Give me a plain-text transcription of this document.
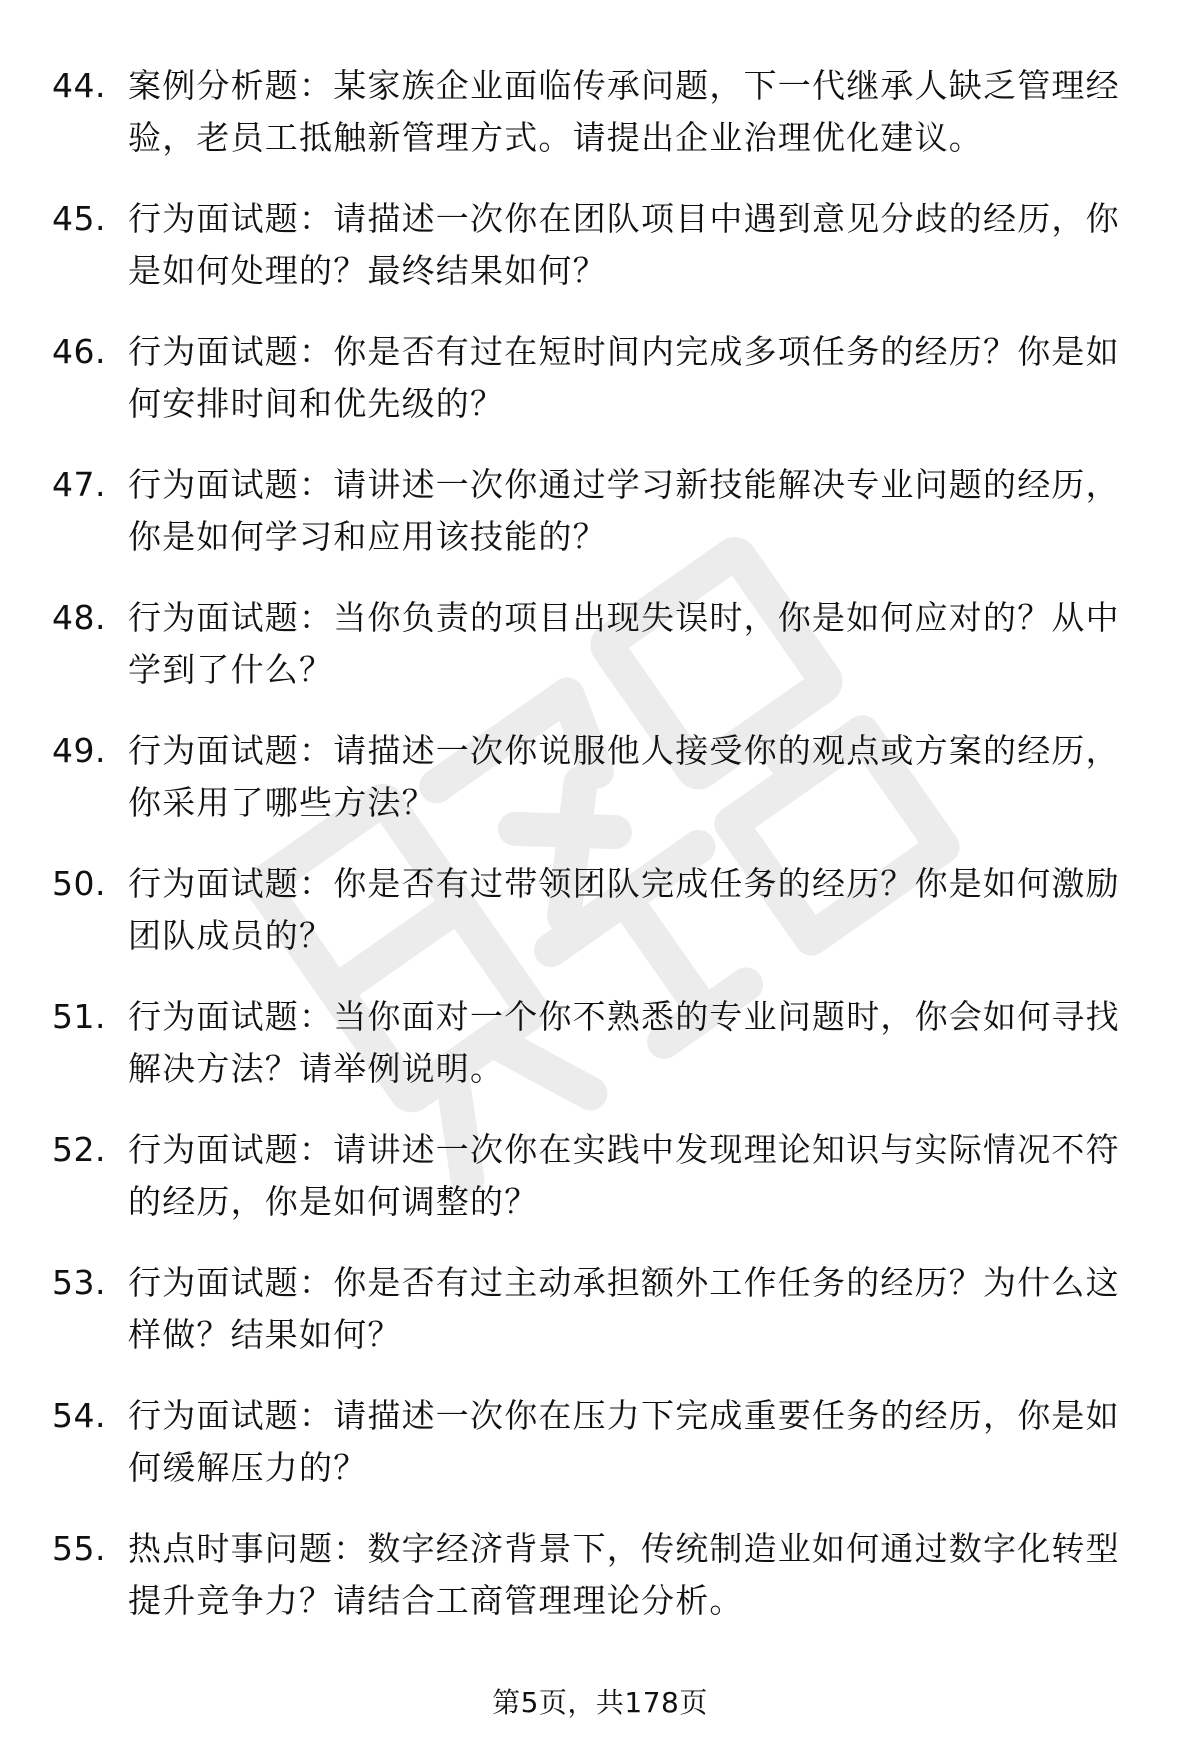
44. 案例分析题：某家族企业面临传承问题，下一代继承人缺乏管理经验，老员工抵触新管理方式。请提出企业治理优化建议。
45. 行为面试题：请描述一次你在团队项目中遇到意见分歧的经历，你是如何处理的？最终结果如何？
46. 行为面试题：你是否有过在短时间内完成多项任务的经历？你是如何安排时间和优先级的？
47. 行为面试题：请讲述一次你通过学习新技能解决专业问题的经历，你是如何学习和应用该技能的？
48. 行为面试题：当你负责的项目出现失误时，你是如何应对的？从中学到了什么？
49. 行为面试题：请描述一次你说服他人接受你的观点或方案的经历，你采用了哪些方法？
50. 行为面试题：你是否有过带领团队完成任务的经历？你是如何激励团队成员的？
51. 行为面试题：当你面对一个你不熟悉的专业问题时，你会如何寻找解决方法？请举例说明。
52. 行为面试题：请讲述一次你在实践中发现理论知识与实际情况不符的经历，你是如何调整的？
53. 行为面试题：你是否有过主动承担额外工作任务的经历？为什么这样做？结果如何？
54. 行为面试题：请描述一次你在压力下完成重要任务的经历，你是如何缓解压力的？
55. 热点时事问题：数字经济背景下，传统制造业如何通过数字化转型提升竞争力？请结合工商管理理论分析。
第5页，共178页
